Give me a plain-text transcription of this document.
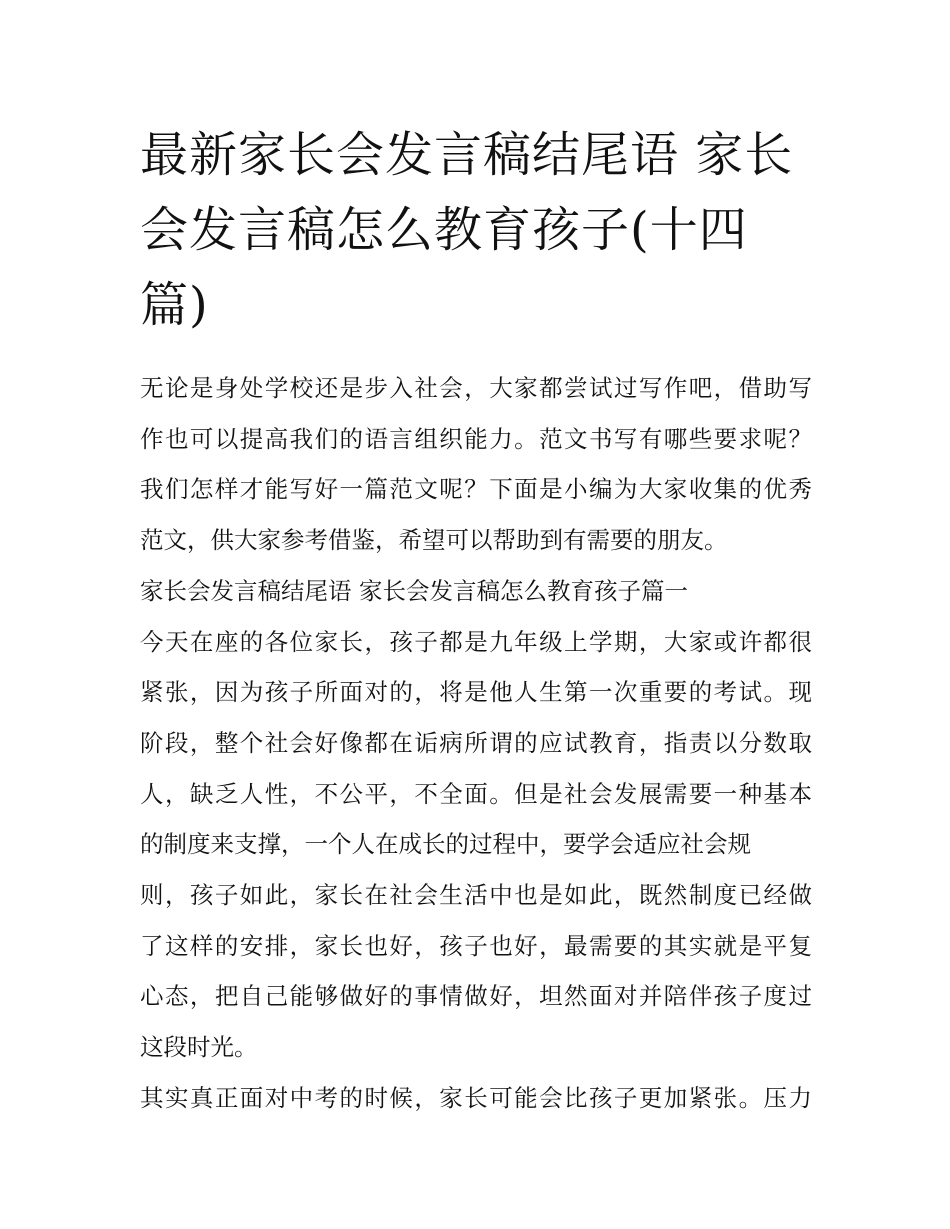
最新家长会发言稿结尾语 家长
会发言稿怎么教育孩子(十四
篇)

无论是身处学校还是步入社会，大家都尝试过写作吧，借助写
作也可以提高我们的语言组织能力。范文书写有哪些要求呢？
我们怎样才能写好一篇范文呢？下面是小编为大家收集的优秀
范文，供大家参考借鉴，希望可以帮助到有需要的朋友。

家长会发言稿结尾语 家长会发言稿怎么教育孩子篇一

今天在座的各位家长，孩子都是九年级上学期，大家或许都很
紧张，因为孩子所面对的，将是他人生第一次重要的考试。现
阶段，整个社会好像都在诟病所谓的应试教育，指责以分数取
人，缺乏人性，不公平，不全面。但是社会发展需要一种基本
的制度来支撑，一个人在成长的过程中，要学会适应社会规
则，孩子如此，家长在社会生活中也是如此，既然制度已经做
了这样的安排，家长也好，孩子也好，最需要的其实就是平复
心态，把自己能够做好的事情做好，坦然面对并陪伴孩子度过
这段时光。

其实真正面对中考的时候，家长可能会比孩子更加紧张。压力
